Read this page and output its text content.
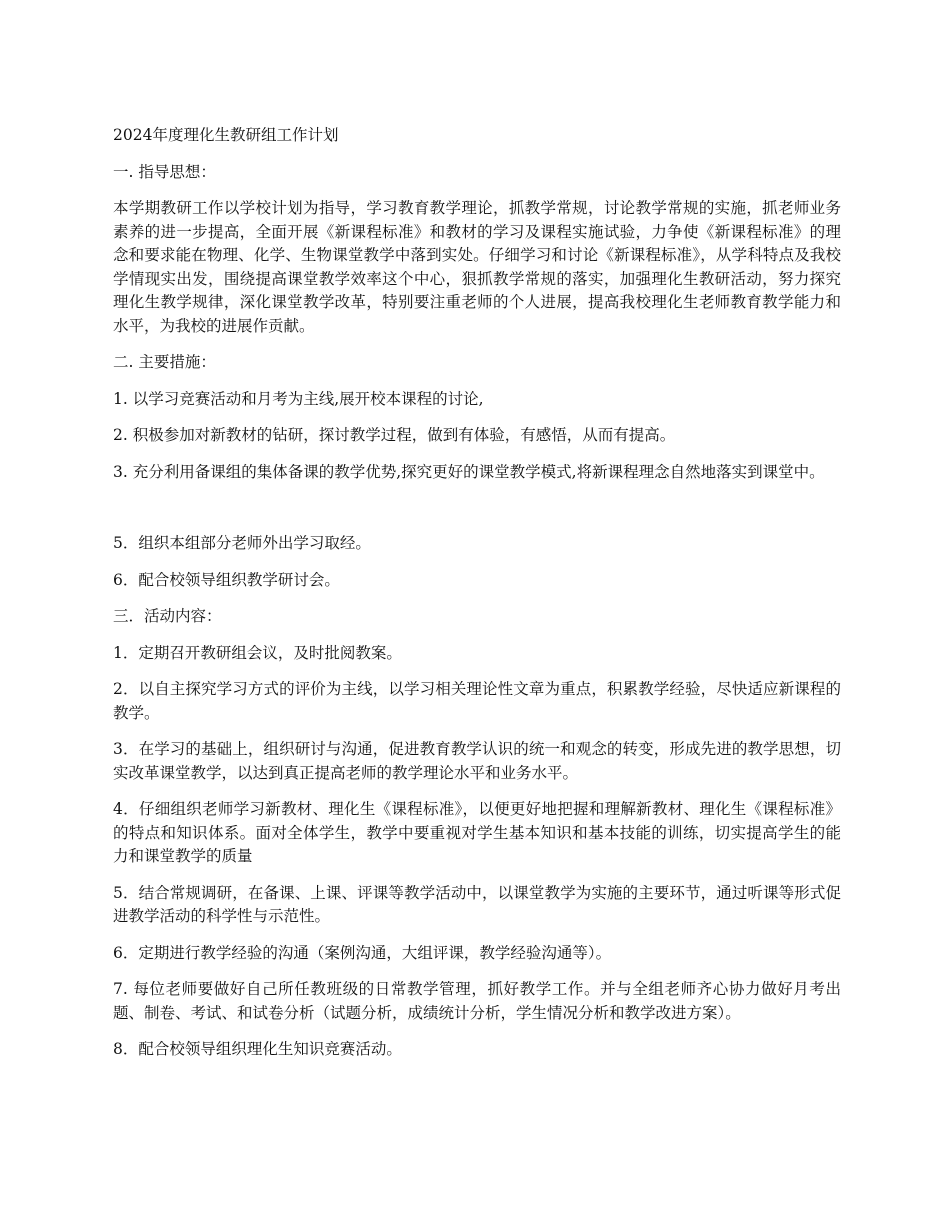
2024年度理化生教研组工作计划

一. 指导思想：

本学期教研工作以学校计划为指导，学习教育教学理论，抓教学常规，讨论教学常规的实施，抓老师业务素养的进一步提高，全面开展《新课程标准》和教材的学习及课程实施试验，力争使《新课程标准》的理念和要求能在物理、化学、生物课堂教学中落到实处。仔细学习和讨论《新课程标准》，从学科特点及我校学情现实出发，围绕提高课堂教学效率这个中心，狠抓教学常规的落实，加强理化生教研活动，努力探究理化生教学规律，深化课堂教学改革，特别要注重老师的个人进展，提高我校理化生老师教育教学能力和水平，为我校的进展作贡献。

二. 主要措施：

1. 以学习竞赛活动和月考为主线,展开校本课程的讨论,

2. 积极参加对新教材的钻研，探讨教学过程，做到有体验，有感悟，从而有提高。

3. 充分利用备课组的集体备课的教学优势,探究更好的课堂教学模式,将新课程理念自然地落实到课堂中。

5．组织本组部分老师外出学习取经。

6．配合校领导组织教学研讨会。

三．活动内容：

1．定期召开教研组会议，及时批阅教案。

2．以自主探究学习方式的评价为主线，以学习相关理论性文章为重点，积累教学经验，尽快适应新课程的教学。

3．在学习的基础上，组织研讨与沟通，促进教育教学认识的统一和观念的转变，形成先进的教学思想，切实改革课堂教学，以达到真正提高老师的教学理论水平和业务水平。

4．仔细组织老师学习新教材、理化生《课程标准》，以便更好地把握和理解新教材、理化生《课程标准》的特点和知识体系。面对全体学生，教学中要重视对学生基本知识和基本技能的训练，切实提高学生的能力和课堂教学的质量

5．结合常规调研，在备课、上课、评课等教学活动中，以课堂教学为实施的主要环节，通过听课等形式促进教学活动的科学性与示范性。

6．定期进行教学经验的沟通（案例沟通，大组评课，教学经验沟通等）。

7. 每位老师要做好自己所任教班级的日常教学管理，抓好教学工作。并与全组老师齐心协力做好月考出题、制卷、考试、和试卷分析（试题分析，成绩统计分析，学生情况分析和教学改进方案）。

8．配合校领导组织理化生知识竞赛活动。
